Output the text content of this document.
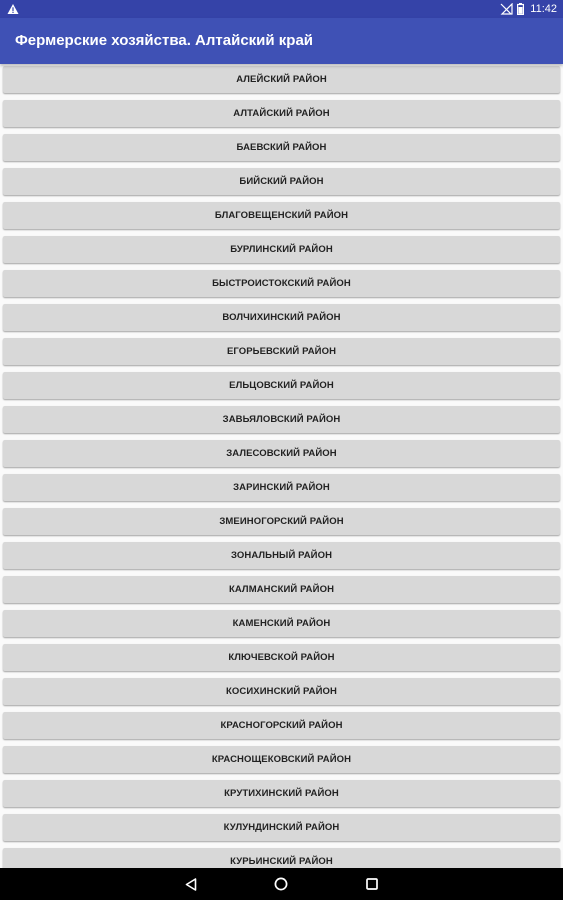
11:42
Фермерские хозяйства. Алтайский край
АЛЕЙСКИЙ РАЙОН
АЛТАЙСКИЙ РАЙОН
БАЕВСКИЙ РАЙОН
БИЙСКИЙ РАЙОН
БЛАГОВЕЩЕНСКИЙ РАЙОН
БУРЛИНСКИЙ РАЙОН
БЫСТРОИСТОКСКИЙ РАЙОН
ВОЛЧИХИНСКИЙ РАЙОН
ЕГОРЬЕВСКИЙ РАЙОН
ЕЛЬЦОВСКИЙ РАЙОН
ЗАВЬЯЛОВСКИЙ РАЙОН
ЗАЛЕСОВСКИЙ РАЙОН
ЗАРИНСКИЙ РАЙОН
ЗМЕИНОГОРСКИЙ РАЙОН
ЗОНАЛЬНЫЙ РАЙОН
КАЛМАНСКИЙ РАЙОН
КАМЕНСКИЙ РАЙОН
КЛЮЧЕВСКОЙ РАЙОН
КОСИХИНСКИЙ РАЙОН
КРАСНОГОРСКИЙ РАЙОН
КРАСНОЩЕКОВСКИЙ РАЙОН
КРУТИХИНСКИЙ РАЙОН
КУЛУНДИНСКИЙ РАЙОН
КУРЬИНСКИЙ РАЙОН
